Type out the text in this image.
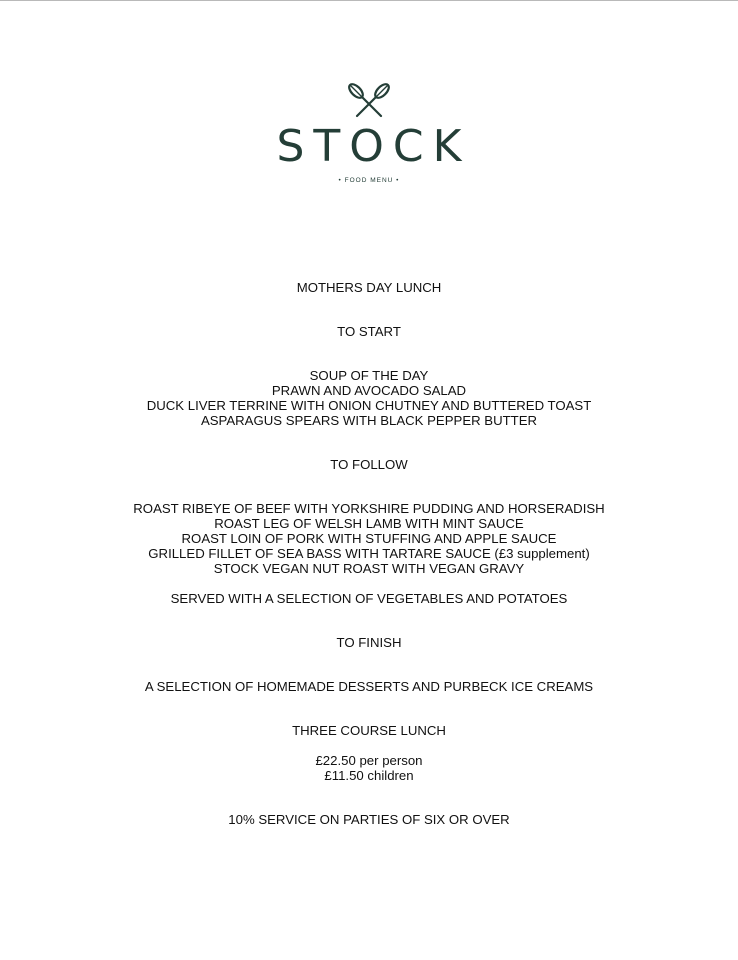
STOCK
• FOOD MENU •
MOTHERS DAY LUNCH
TO START
SOUP OF THE DAY
PRAWN AND AVOCADO SALAD
DUCK LIVER TERRINE WITH ONION CHUTNEY AND BUTTERED TOAST
ASPARAGUS SPEARS WITH BLACK PEPPER BUTTER
TO FOLLOW
ROAST RIBEYE OF BEEF WITH YORKSHIRE PUDDING AND HORSERADISH
ROAST LEG OF WELSH LAMB WITH MINT SAUCE
ROAST LOIN OF PORK WITH STUFFING AND APPLE SAUCE
GRILLED FILLET OF SEA BASS WITH TARTARE SAUCE (£3 supplement)
STOCK VEGAN NUT ROAST WITH VEGAN GRAVY
SERVED WITH A SELECTION OF VEGETABLES AND POTATOES
TO FINISH
A SELECTION OF HOMEMADE DESSERTS AND PURBECK ICE CREAMS
THREE COURSE LUNCH
£22.50 per person
£11.50 children
10% SERVICE ON PARTIES OF SIX OR OVER
